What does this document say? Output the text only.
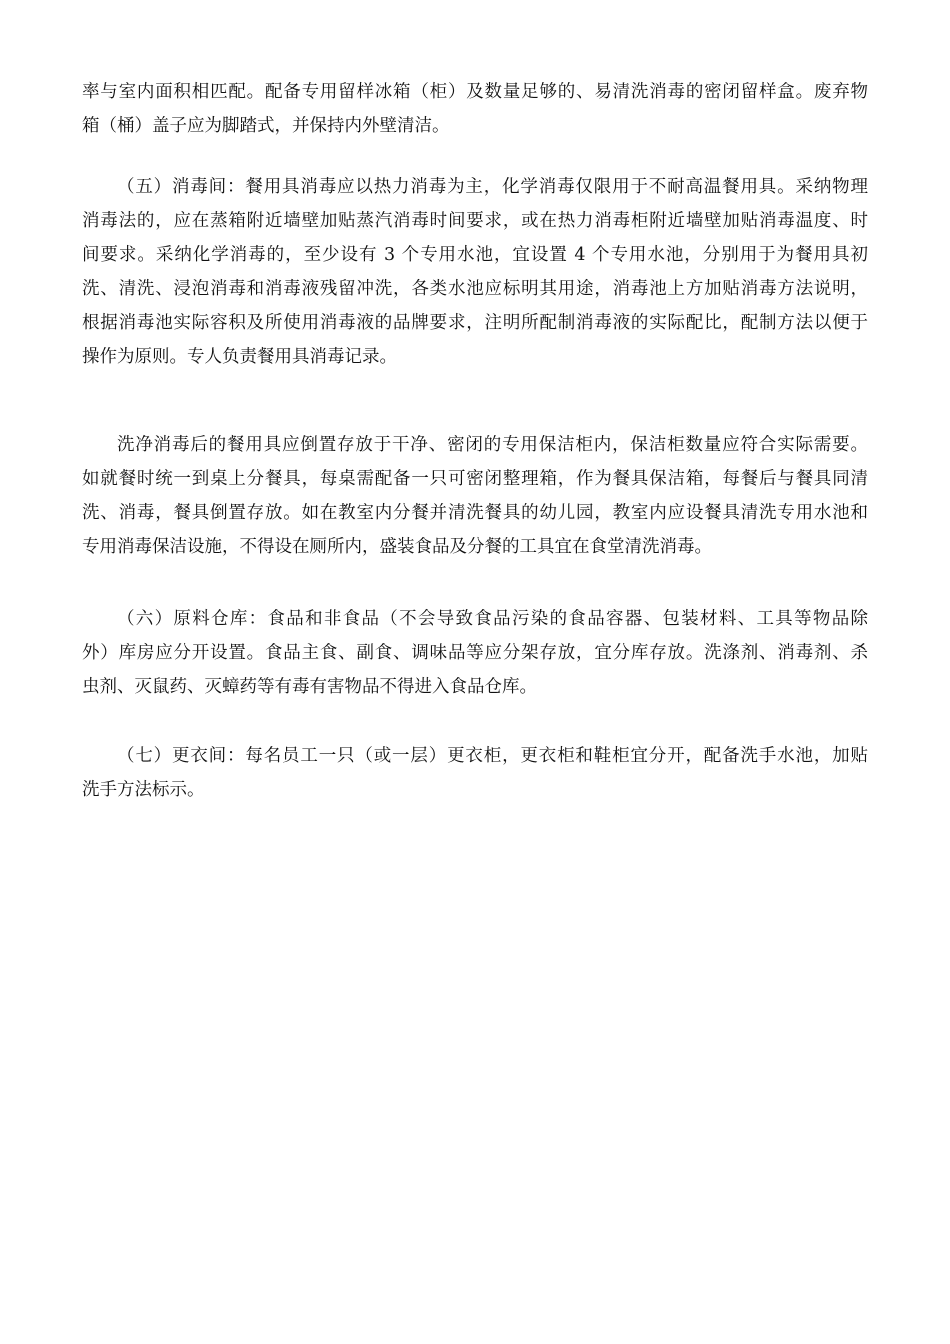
率与室内面积相匹配。配备专用留样冰箱（柜）及数量足够的、易清洗消毒的密闭留样盒。废弃物
箱（桶）盖子应为脚踏式，并保持内外壁清洁。
（五）消毒间：餐用具消毒应以热力消毒为主，化学消毒仅限用于不耐高温餐用具。采纳物理
消毒法的，应在蒸箱附近墙壁加贴蒸汽消毒时间要求，或在热力消毒柜附近墙壁加贴消毒温度、时
间要求。采纳化学消毒的，至少设有 3 个专用水池，宜设置 4 个专用水池，分别用于为餐用具初
洗、清洗、浸泡消毒和消毒液残留冲洗，各类水池应标明其用途，消毒池上方加贴消毒方法说明，
根据消毒池实际容积及所使用消毒液的品牌要求，注明所配制消毒液的实际配比，配制方法以便于
操作为原则。专人负责餐用具消毒记录。
洗净消毒后的餐用具应倒置存放于干净、密闭的专用保洁柜内，保洁柜数量应符合实际需要。
如就餐时统一到桌上分餐具，每桌需配备一只可密闭整理箱，作为餐具保洁箱，每餐后与餐具同清
洗、消毒，餐具倒置存放。如在教室内分餐并清洗餐具的幼儿园，教室内应设餐具清洗专用水池和
专用消毒保洁设施，不得设在厕所内，盛装食品及分餐的工具宜在食堂清洗消毒。
（六）原料仓库：食品和非食品（不会导致食品污染的食品容器、包装材料、工具等物品除
外）库房应分开设置。食品主食、副食、调味品等应分架存放，宜分库存放。洗涤剂、消毒剂、杀
虫剂、灭鼠药、灭蟑药等有毒有害物品不得进入食品仓库。
（七）更衣间：每名员工一只（或一层）更衣柜，更衣柜和鞋柜宜分开，配备洗手水池，加贴
洗手方法标示。
